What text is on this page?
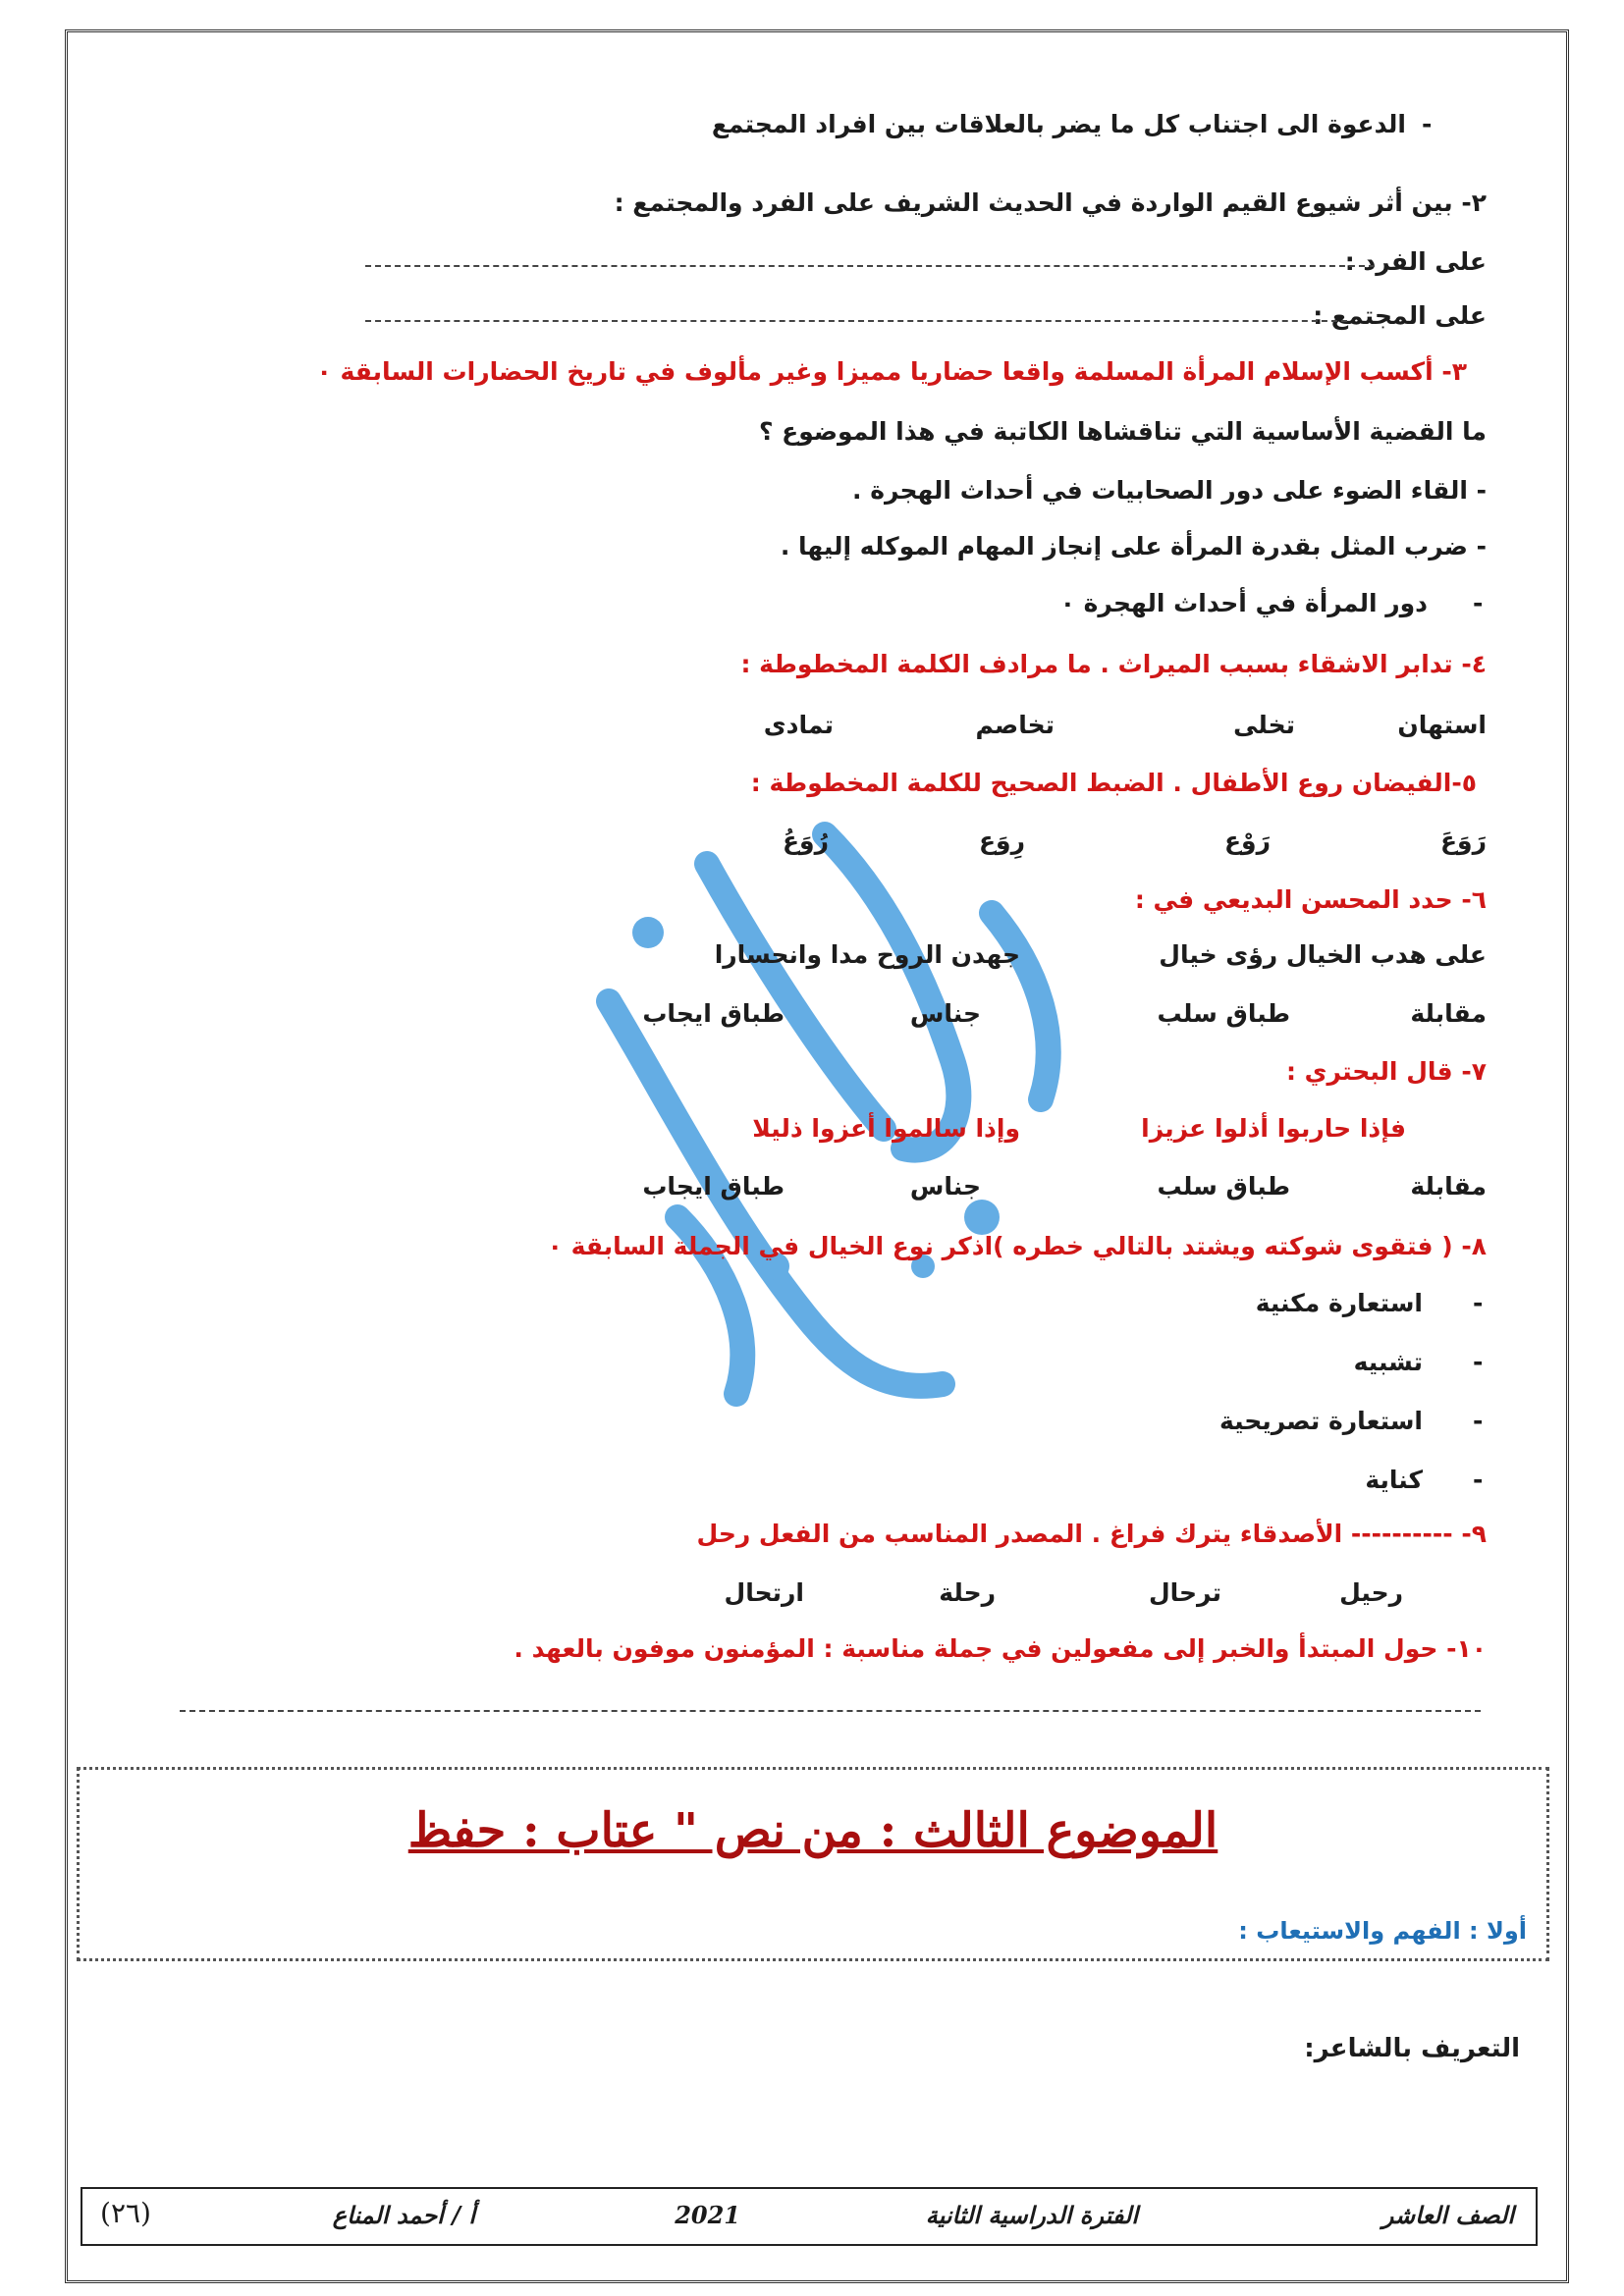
-
الدعوة الى اجتناب كل ما يضر بالعلاقات بين افراد المجتمع
٢- بين أثر شيوع القيم الواردة في الحديث الشريف على الفرد والمجتمع :
على الفرد :
على المجتمع :
٣- أكسب الإسلام المرأة المسلمة واقعا حضاريا مميزا وغير مألوف في تاريخ الحضارات السابقة ٠
ما القضية الأساسية التي تناقشاها الكاتبة في هذا الموضوع ؟
- القاء الضوء على دور الصحابيات في أحداث الهجرة .
- ضرب المثل بقدرة المرأة على إنجاز المهام الموكله إليها .
-
دور المرأة في أحداث الهجرة ٠
٤- تدابر الاشقاء بسبب الميراث . ما مرادف الكلمة المخطوطة :
استهان
تخلى
تخاصم
تمادى
٥-الفيضان روع الأطفال . الضبط الصحيح للكلمة المخطوطة :
رَوَعَ
رَوْع
رِوَع
رُوَعُ
٦- حدد المحسن البديعي في :
على هدب الخيال رؤى خيال
جهدن الروح مدا وانحسارا
مقابلة
طباق سلب
جناس
طباق ايجاب
٧- قال البحتري :
فإذا حاربوا أذلوا عزيزا
وإذا سالموا أعزوا ذليلا
مقابلة
طباق سلب
جناس
طباق ايجاب
٨- ( فتقوى شوكته ويشتد بالتالي خطره )اذكر نوع الخيال في الجملة السابقة ٠
-
استعارة مكنية
-
تشبيه
-
استعارة تصريحية
-
كناية
٩- ---------- الأصدقاء يترك فراغ . المصدر المناسب من الفعل رحل
رحيل
ترحال
رحلة
ارتحال
١٠- حول المبتدأ والخبر إلى مفعولين في جملة مناسبة : المؤمنون موفون بالعهد .
الموضوع الثالث : من نص " عتاب : حفظ
أولا : الفهم والاستيعاب :
التعريف بالشاعر:
الصف العاشر
الفترة الدراسية الثانية
2021
أ / أحمد المناع
(٢٦)
